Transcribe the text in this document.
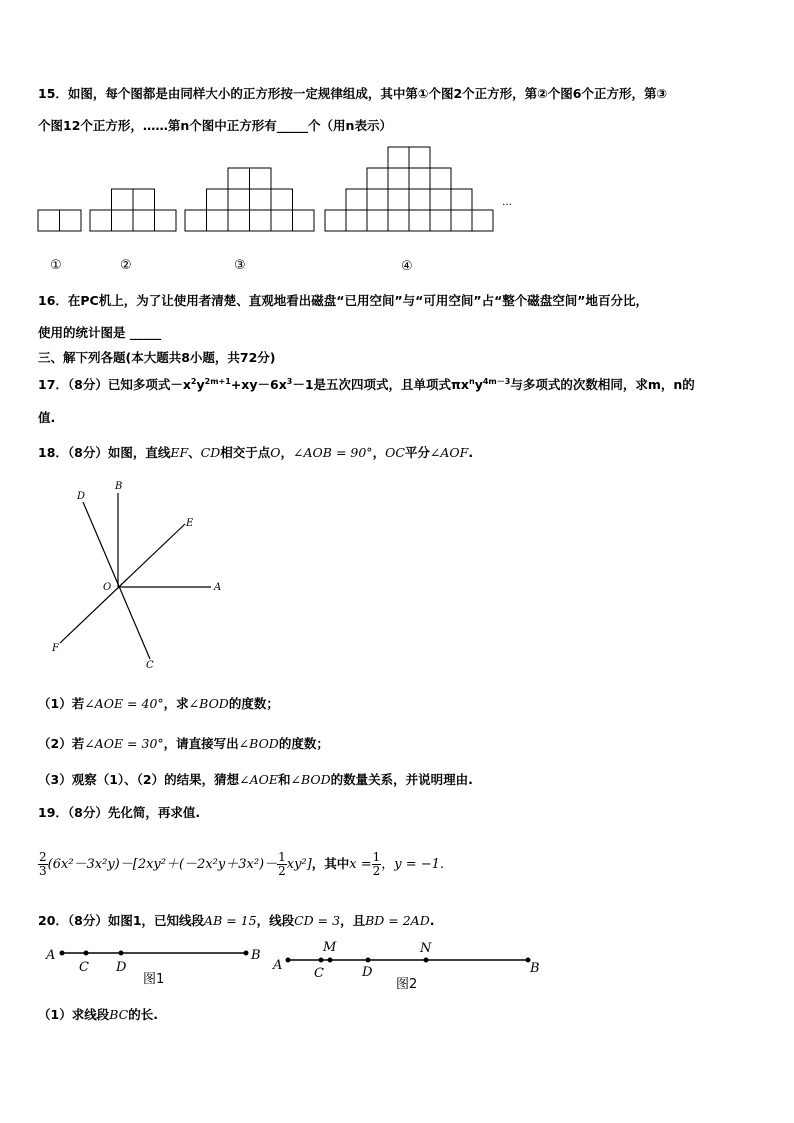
15．如图，每个图都是由同样大小的正方形按一定规律组成，其中第①个图2个正方形，第②个图6个正方形，第③
个图12个正方形，……第n个图中正方形有_____个（用n表示）
…
①	②	③	④
16．在PC机上，为了让使用者清楚、直观地看出磁盘“已用空间”与“可用空间”占“整个磁盘空间”地百分比，
使用的统计图是 _____
三、解下列各题(本大题共8小题，共72分)
17．（8分）已知多项式$-x^2y^{2m+1}+xy-6x^3-1$是五次四项式，且单项式$\pi x^ny^{4m-3}$与多项式的次数相同，求m，n的
值.
18．（8分）如图，直线EF、CD相交于点O，∠AOB = 90°，OC平分∠AOF.
D
B
E
O	A
F
C
（1）若∠AOE = 40°，求∠BOD的度数；
（2）若∠AOE = 30°，请直接写出∠BOD的度数；
（3）观察（1）、（2）的结果，猜想∠AOE和∠BOD的数量关系，并说明理由.
19．（8分）先化简，再求值.
$\frac{2}{3} (6x^2-3x^2y)-[2xy^2+(-2x^2y+3x^2)- \frac{1}{2} xy^2]$，其中$x = \frac{1}{2}$ ，y = −1.
20．（8分）如图1，已知线段AB = 15，线段CD = 3，且BD = 2AD.
A
C D
B
A
M
C	D
N
B
图1	图2
（1）求线段BC的长.
